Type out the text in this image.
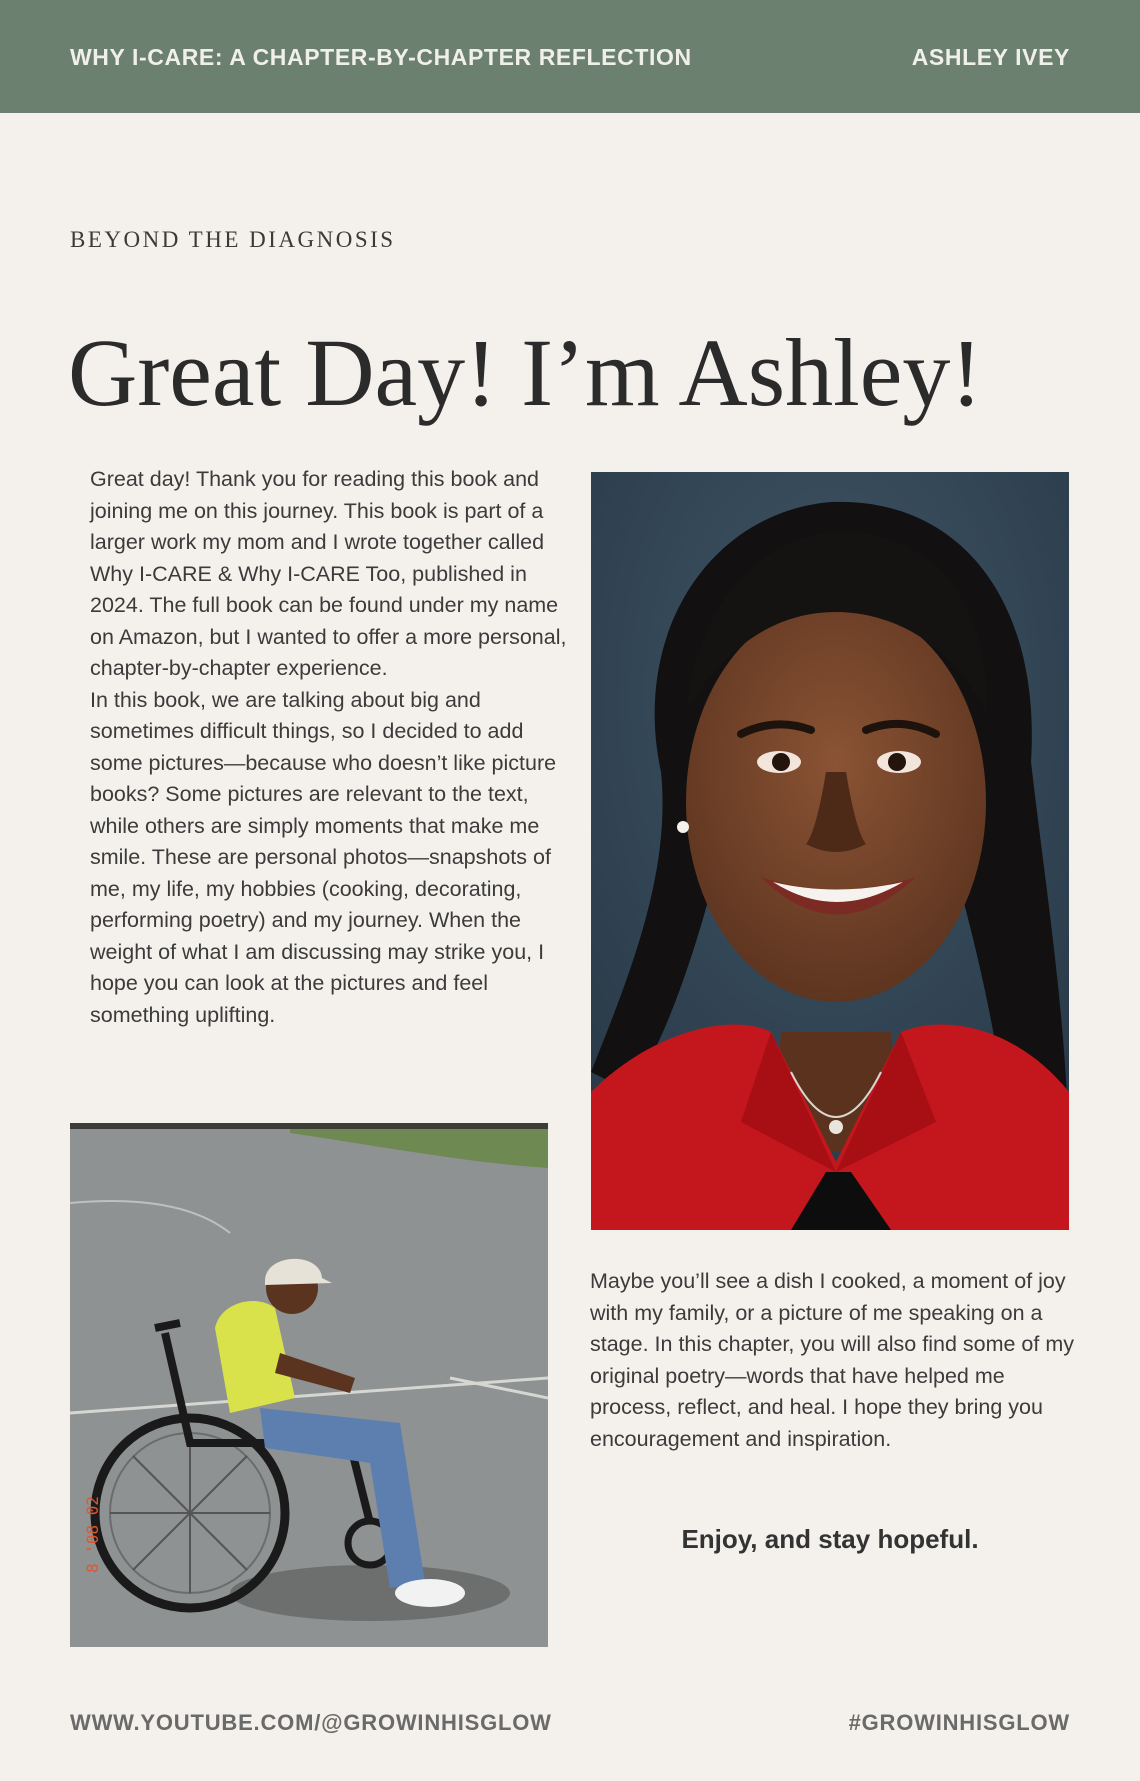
WHY I-CARE: A CHAPTER-BY-CHAPTER REFLECTION	ASHLEY IVEY
BEYOND THE DIAGNOSIS
Great Day! I’m Ashley!

Great day! Thank you for reading this book and joining me on this journey. This book is part of a larger work my mom and I wrote together called Why I-CARE & Why I-CARE Too, published in 2024. The full book can be found under my name on Amazon, but I wanted to offer a more personal, chapter-by-chapter experience.

In this book, we are talking about big and sometimes difficult things, so I decided to add some pictures—because who doesn’t like picture books? Some pictures are relevant to the text, while others are simply moments that make me smile. These are personal photos—snapshots of me, my life, my hobbies (cooking, decorating, performing poetry) and my journey. When the weight of what I am discussing may strike you, I hope you can look at the pictures and feel something uplifting.

8 '08 02
Maybe you’ll see a dish I cooked, a moment of joy with my family, or a picture of me speaking on a stage. In this chapter, you will also find some of my original poetry—words that have helped me process, reflect, and heal. I hope they bring you encouragement and inspiration.
Enjoy, and stay hopeful.
WWW.YOUTUBE.COM/@GROWINHISGLOW	#GROWINHISGLOW
